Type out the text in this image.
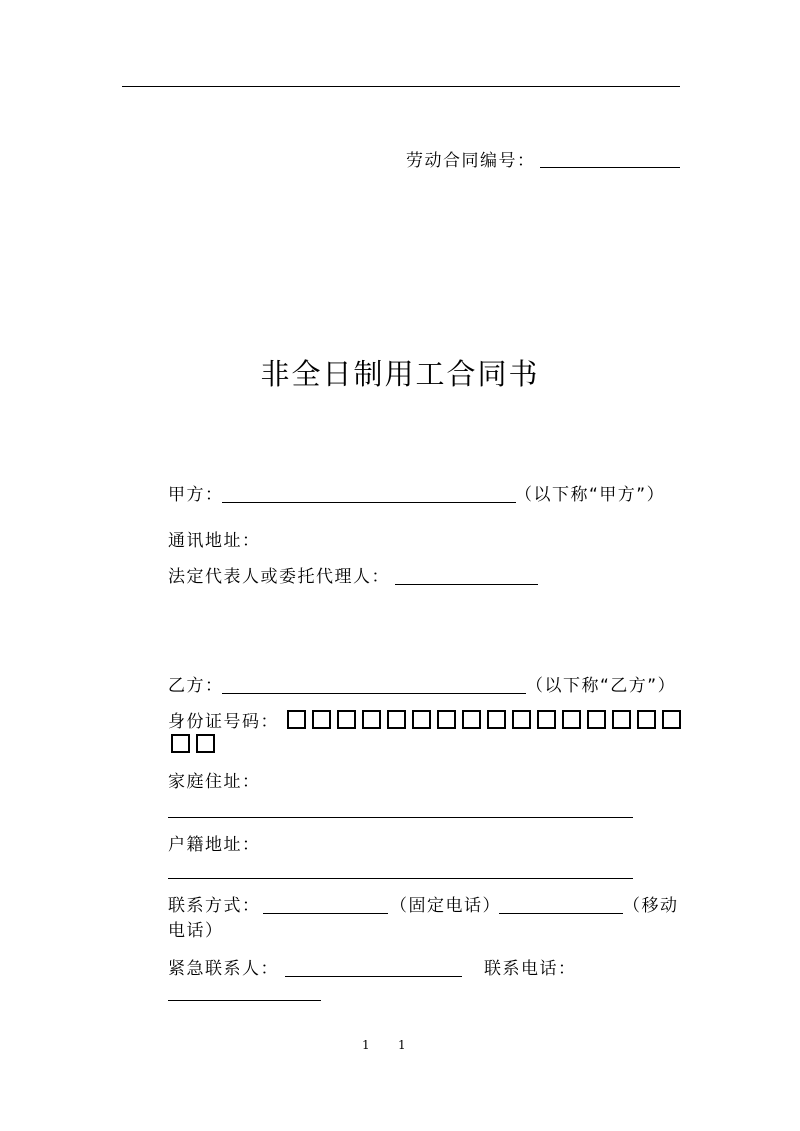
劳动合同编号：
非全日制用工合同书
甲方：	（以下称“甲方”）
通讯地址：
法定代表人或委托代理人：
乙方：	（以下称“乙方”）
身份证号码：
家庭住址：
户籍地址：
联系方式：	（固定电话）	（移动
电话）
紧急联系人：	联系电话：
1 1
